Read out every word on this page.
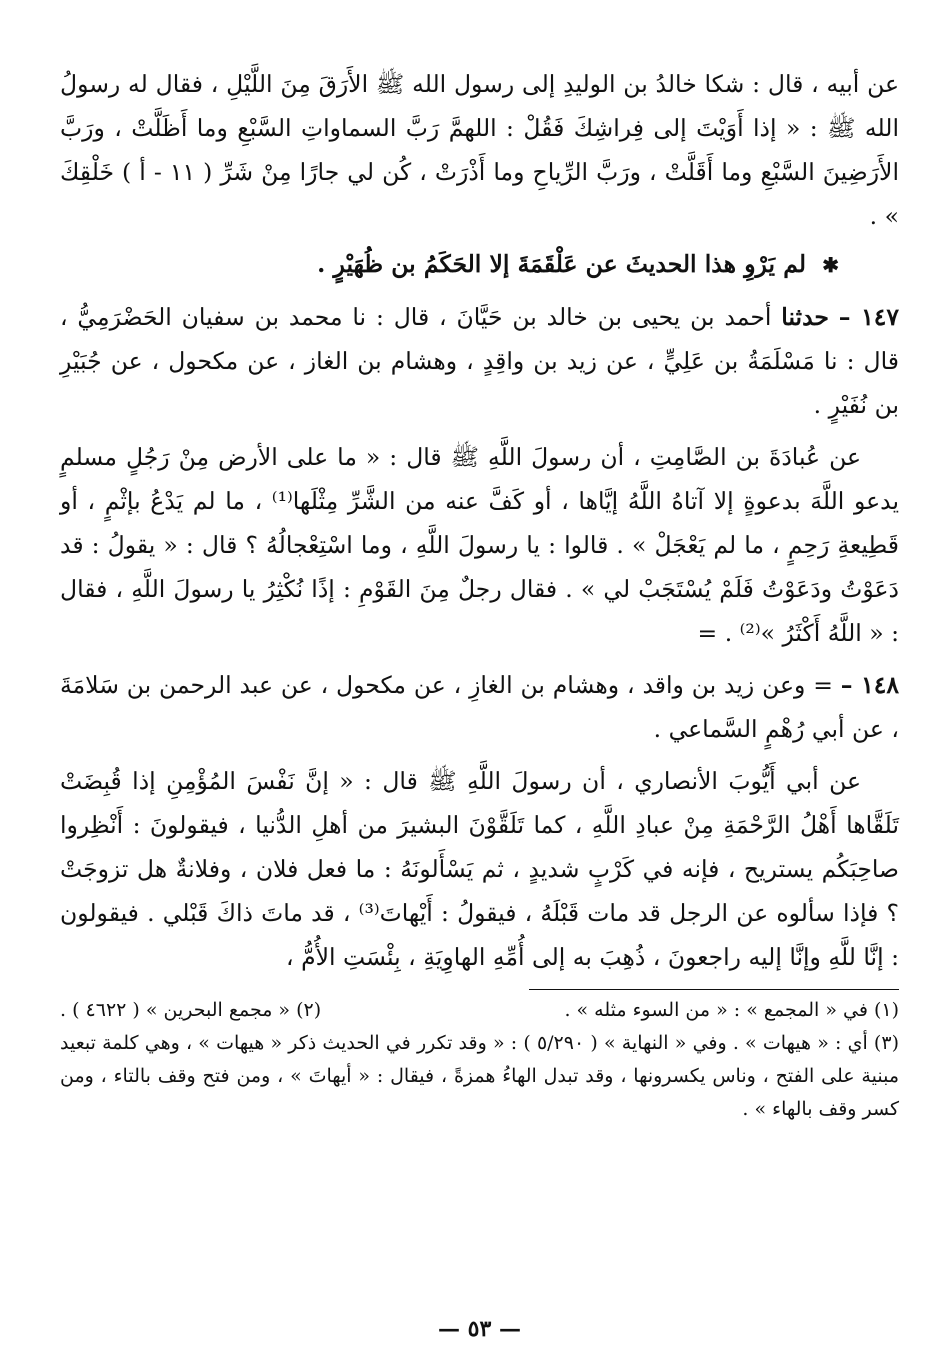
عن أبيه ، قال : شكا خالدُ بن الوليدِ إلى رسول الله ﷺ الأَرَقَ مِنَ اللَّيْلِ ، فقال له رسولُ الله ﷺ : « إذا أَوَيْتَ إلى فِراشِكَ فَقُلْ : اللهمَّ رَبَّ السماواتِ السَّبْعِ وما أَظَلَّتْ ، ورَبَّ الأَرَضِينَ السَّبْعِ وما أَقَلَّتْ ، ورَبَّ الرِّياحِ وما أَذْرَتْ ، كُن لي جارًا مِنْ شَرِّ ( ١١ - أ ) خَلْقِكَ » .

✱ لم يَرْوِ هذا الحديثَ عن عَلْقَمَةَ إلا الحَكَمُ بن ظُهَيْرٍ .

١٤٧ – حدثنا أحمد بن يحيى بن خالد بن حَيَّانَ ، قال : نا محمد بن سفيان الحَضْرَمِيُّ ، قال : نا مَسْلَمَةُ بن عَلِيٍّ ، عن زيد بن واقِدٍ ، وهشام بن الغاز ، عن مكحول ، عن جُبَيْرِ بن نُفَيْرٍ .

عن عُبادَةَ بن الصَّامِتِ ، أن رسولَ اللَّهِ ﷺ قال : « ما على الأرض مِنْ رَجُلٍ مسلمٍ يدعو اللَّهَ بدعوةٍ إلا آتاهُ اللَّهُ إيَّاها ، أو كَفَّ عنه من الشَّرِّ مِثْلَها⁽¹⁾ ، ما لم يَدْعُ بإثْمٍ ، أو قَطِيعةِ رَحِمٍ ، ما لم يَعْجَلْ » . قالوا : يا رسولَ اللَّهِ ، وما اسْتِعْجالُهُ ؟ قال : « يقولُ : قد دَعَوْتُ ودَعَوْتُ فَلَمْ يُسْتَجَبْ لي » . فقال رجلٌ مِنَ القَوْمِ : إذًا نُكْثِرُ يا رسولَ اللَّهِ ، فقال : « اللَّهُ أَكْثَرُ »⁽²⁾ . =

١٤٨ – = وعن زيد بن واقد ، وهشام بن الغازِ ، عن مكحول ، عن عبد الرحمن بن سَلامَةَ ، عن أبي رُهْمٍ السَّماعي .

عن أبي أَيُّوبَ الأنصاري ، أن رسولَ اللَّهِ ﷺ قال : « إنَّ نَفْسَ المُؤْمِنِ إذا قُبِضَتْ تَلَقَّاها أَهْلُ الرَّحْمَةِ مِنْ عبادِ اللَّهِ ، كما تَلَقَّوْنَ البشيرَ من أهلِ الدُّنيا ، فيقولونَ : أَنْظِروا صاحِبَكُم يستريح ، فإنه في كَرْبٍ شديدٍ ، ثم يَسْأَلونَهُ : ما فعل فلان ، وفلانةٌ هل تزوجَتْ ؟ فإذا سألوه عن الرجل قد مات قَبْلَهُ ، فيقولُ : أَيْهاتَ⁽³⁾ ، قد ماتَ ذاكَ قَبْلي . فيقولون : إنَّا للَّهِ وإنَّا إليه راجعونَ ، ذُهِبَ به إلى أُمِّهِ الهاوِيَةِ ، بِئْسَتِ الأُمُّ ،

(١) في « المجمع » : « من السوء مثله » .

(٢) « مجمع البحرين » ( ٤٦٢٢ ) .

(٣) أي : « هيهات » . وفي « النهاية » ( ٥/٢٩٠ ) : « وقد تكرر في الحديث ذكر « هيهات » ، وهي كلمة تبعيد مبنية على الفتح ، وناس يكسرونها ، وقد تبدل الهاءُ همزةً ، فيقال : « أيهاتَ » ، ومن فتح وقف بالتاء ، ومن كسر وقف بالهاء » .

— ٥٣ —
